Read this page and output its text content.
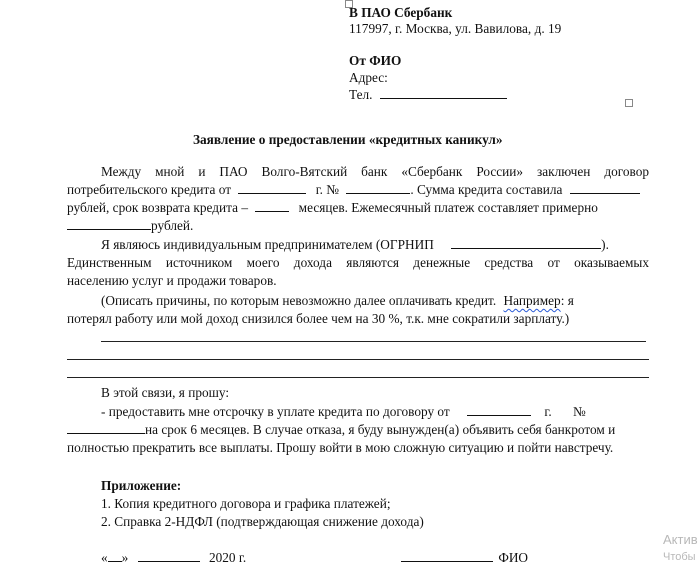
В ПАО Сбербанк
117997, г. Москва, ул. Вавилова, д. 19
От ФИО
Адрес:
Тел.
Заявление о предоставлении «кредитных каникул»
Между мной и ПАО Волго-Вятский банк «Сбербанк России» заключен договор
потребительского кредита от	г. №	. Сумма кредита составила
рублей, срок возврата кредита –	месяцев. Ежемесячный платеж составляет примерно
рублей.
Я являюсь индивидуальным предпринимателем (ОГРНИП	).
Единственным источником моего дохода являются денежные средства от оказываемых
населению услуг и продажи товаров.
(Описать причины, по которым невозможно далее оплачивать кредит. Например: я
потерял работу или мой доход снизился более чем на 30 %, т.к. мне сократили зарплату.)
В этой связи, я прошу:
- предоставить мне отсрочку в уплате кредита по договору от	г. №
на срок 6 месяцев. В случае отказа, я буду вынужден(а) объявить себя банкротом и
полностью прекратить все выплаты. Прошу войти в мою сложную ситуацию и пойти навстречу.
Приложение:
1. Копия кредитного договора и графика платежей;
2. Справка 2-НДФЛ (подтверждающая снижение дохода)
« »	2020 г.	ФИО
Актив
Чтобы
